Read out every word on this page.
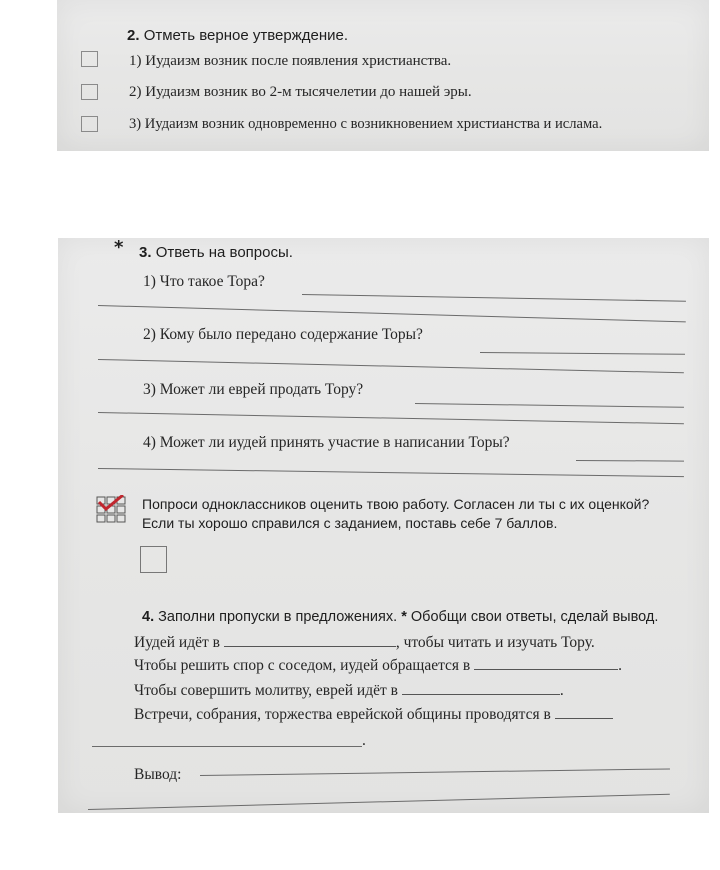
2. Отметь верное утверждение.
1) Иудаизм возник после появления христианства.
2) Иудаизм возник во 2-м тысячелетии до нашей эры.
3) Иудаизм возник одновременно с возникновением христианства и ислама.
* 3. Ответь на вопросы.
1) Что такое Тора?
2) Кому было передано содержание Торы?
3) Может ли еврей продать Тору?
4) Может ли иудей принять участие в написании Торы?
Попроси одноклассников оценить твою работу. Согласен ли ты с их оценкой?
Если ты хорошо справился с заданием, поставь себе 7 баллов.
4. Заполни пропуски в предложениях. * Обобщи свои ответы, сделай вывод.
Иудей идёт в	, чтобы читать и изучать Тору.
Чтобы решить спор с соседом, иудей обращается в	.
Чтобы совершить молитву, еврей идёт в	.
Встречи, собрания, торжества еврейской общины проводятся в
.
Вывод:
